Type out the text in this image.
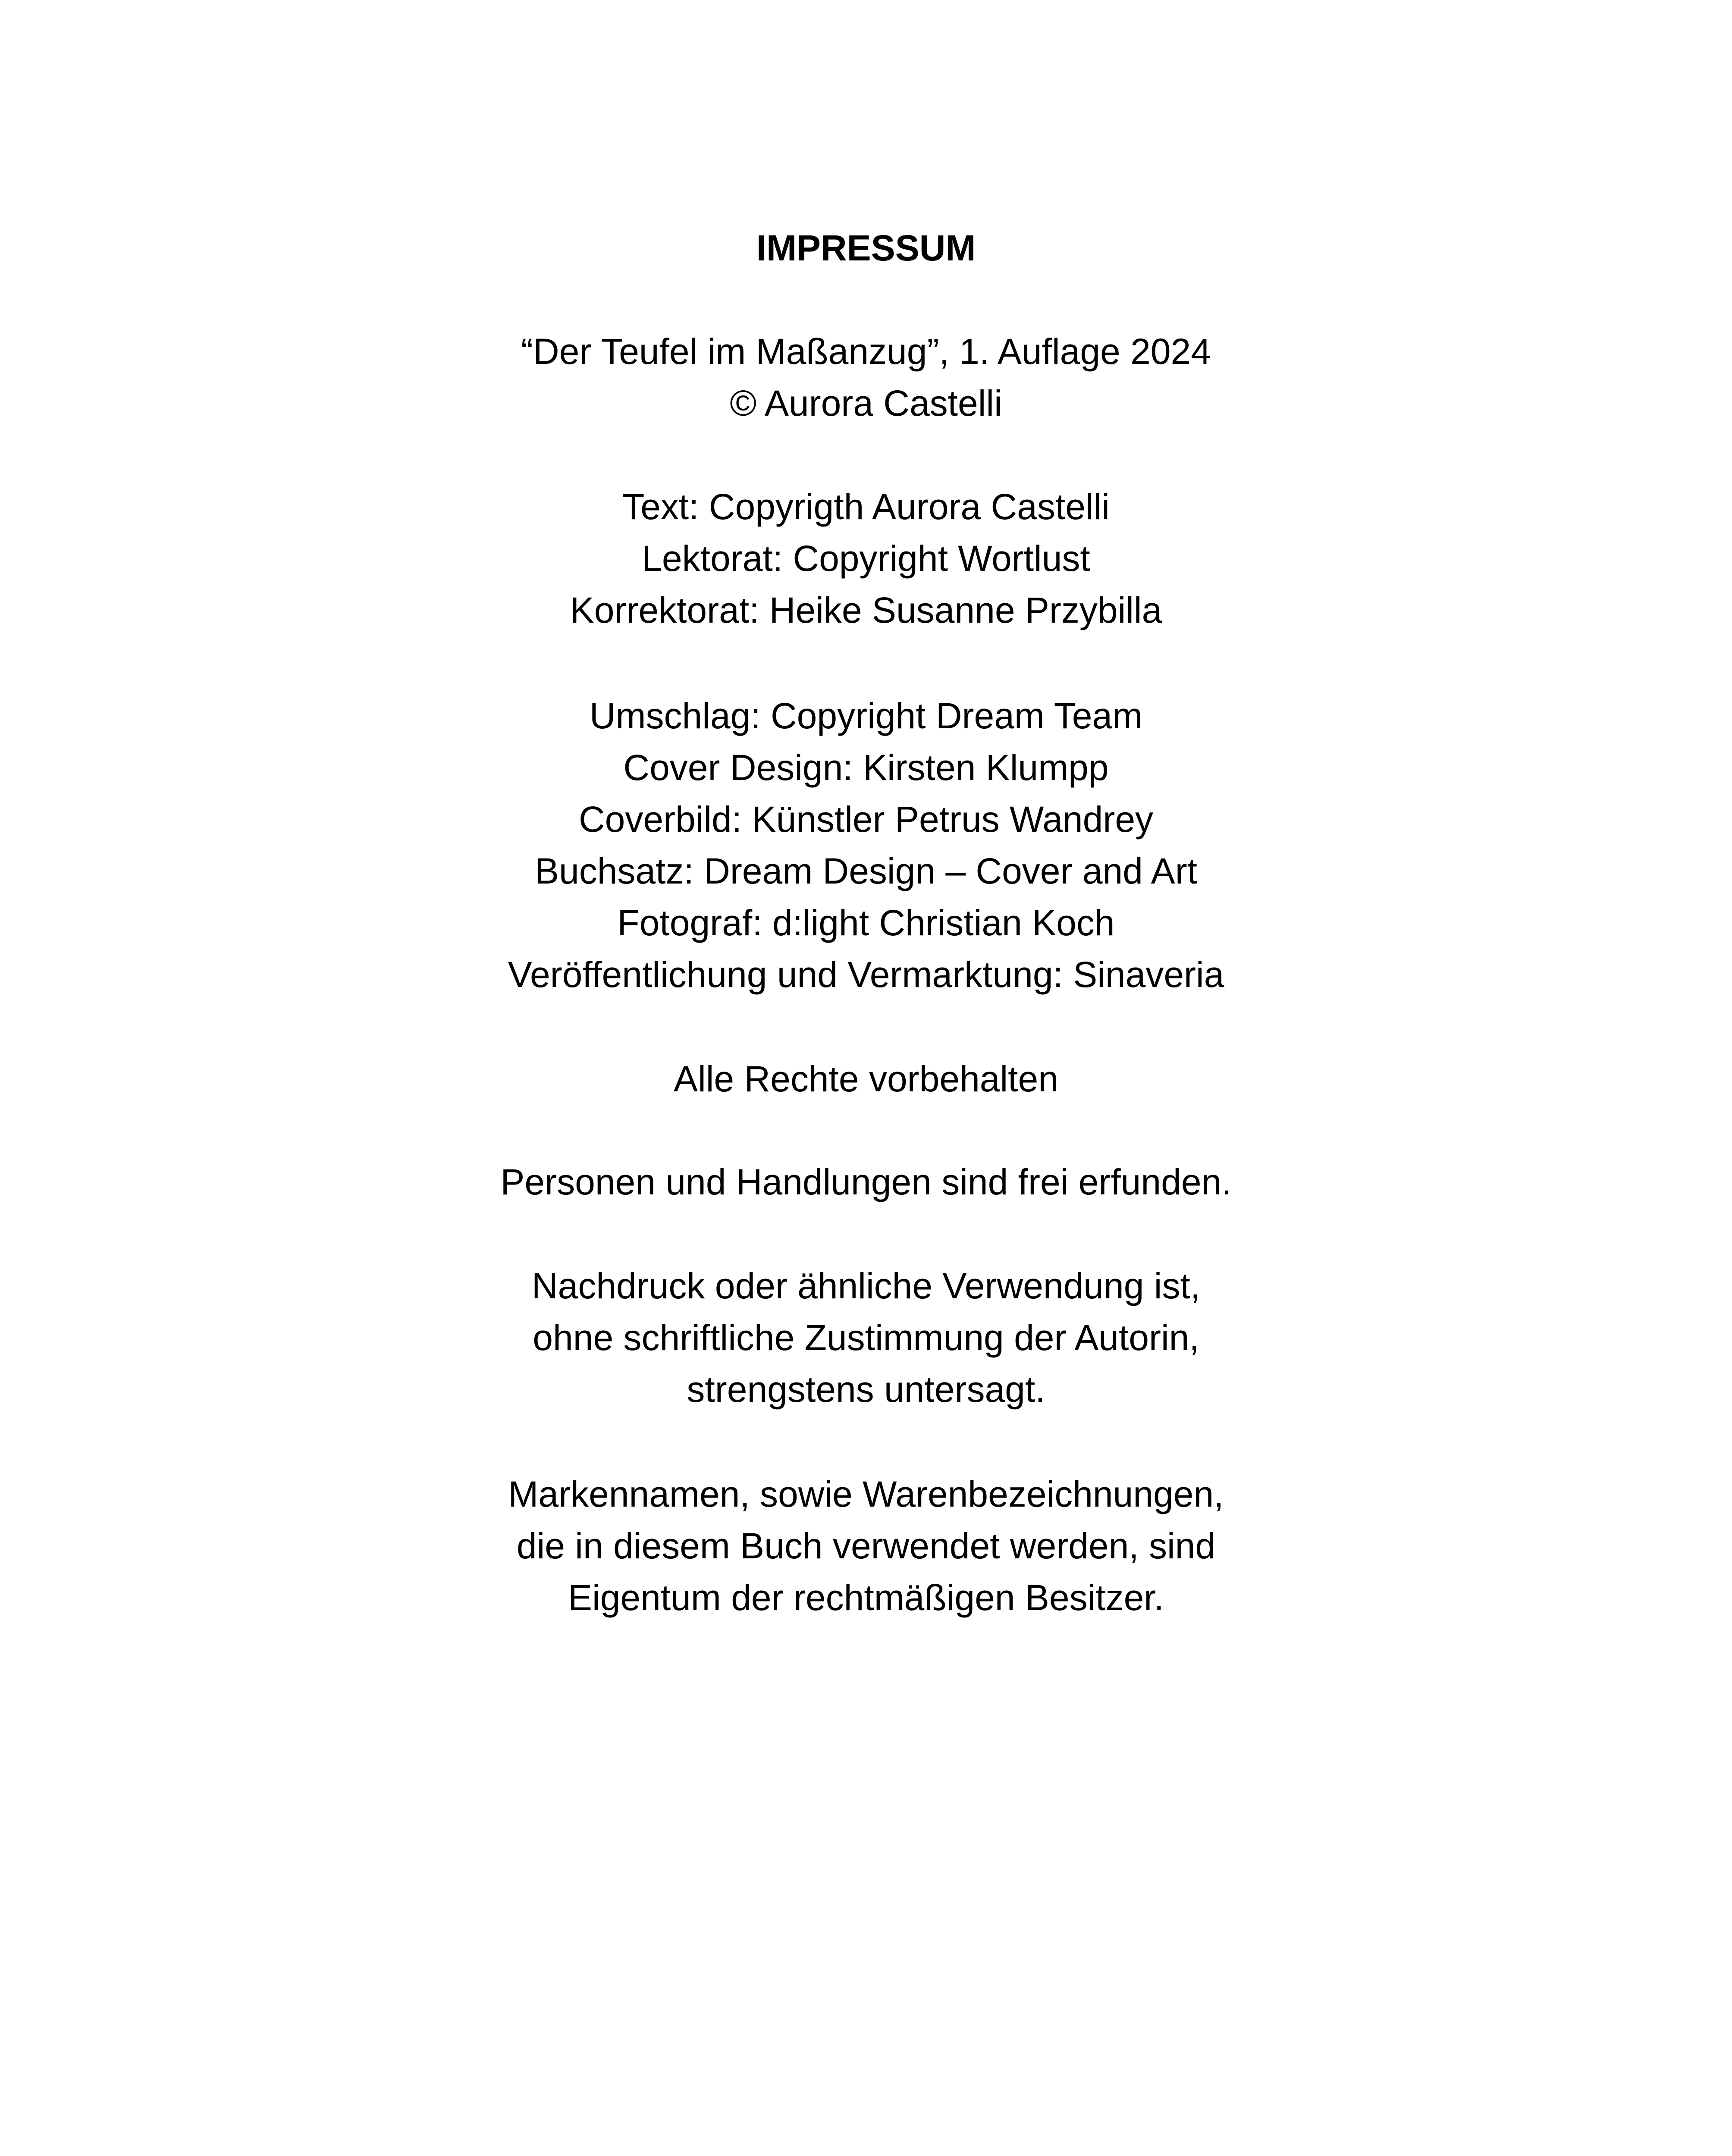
IMPRESSUM
“Der Teufel im Maßanzug”, 1. Auflage 2024
© Aurora Castelli
Text: Copyrigth Aurora Castelli
Lektorat: Copyright Wortlust
Korrektorat: Heike Susanne Przybilla
Umschlag: Copyright Dream Team
Cover Design: Kirsten Klumpp
Coverbild: Künstler Petrus Wandrey
Buchsatz: Dream Design – Cover and Art
Fotograf: d:light Christian Koch
Veröffentlichung und Vermarktung: Sinaveria
Alle Rechte vorbehalten
Personen und Handlungen sind frei erfunden.
Nachdruck oder ähnliche Verwendung ist,
ohne schriftliche Zustimmung der Autorin,
strengstens untersagt.
Markennamen, sowie Warenbezeichnungen,
die in diesem Buch verwendet werden, sind
Eigentum der rechtmäßigen Besitzer.
